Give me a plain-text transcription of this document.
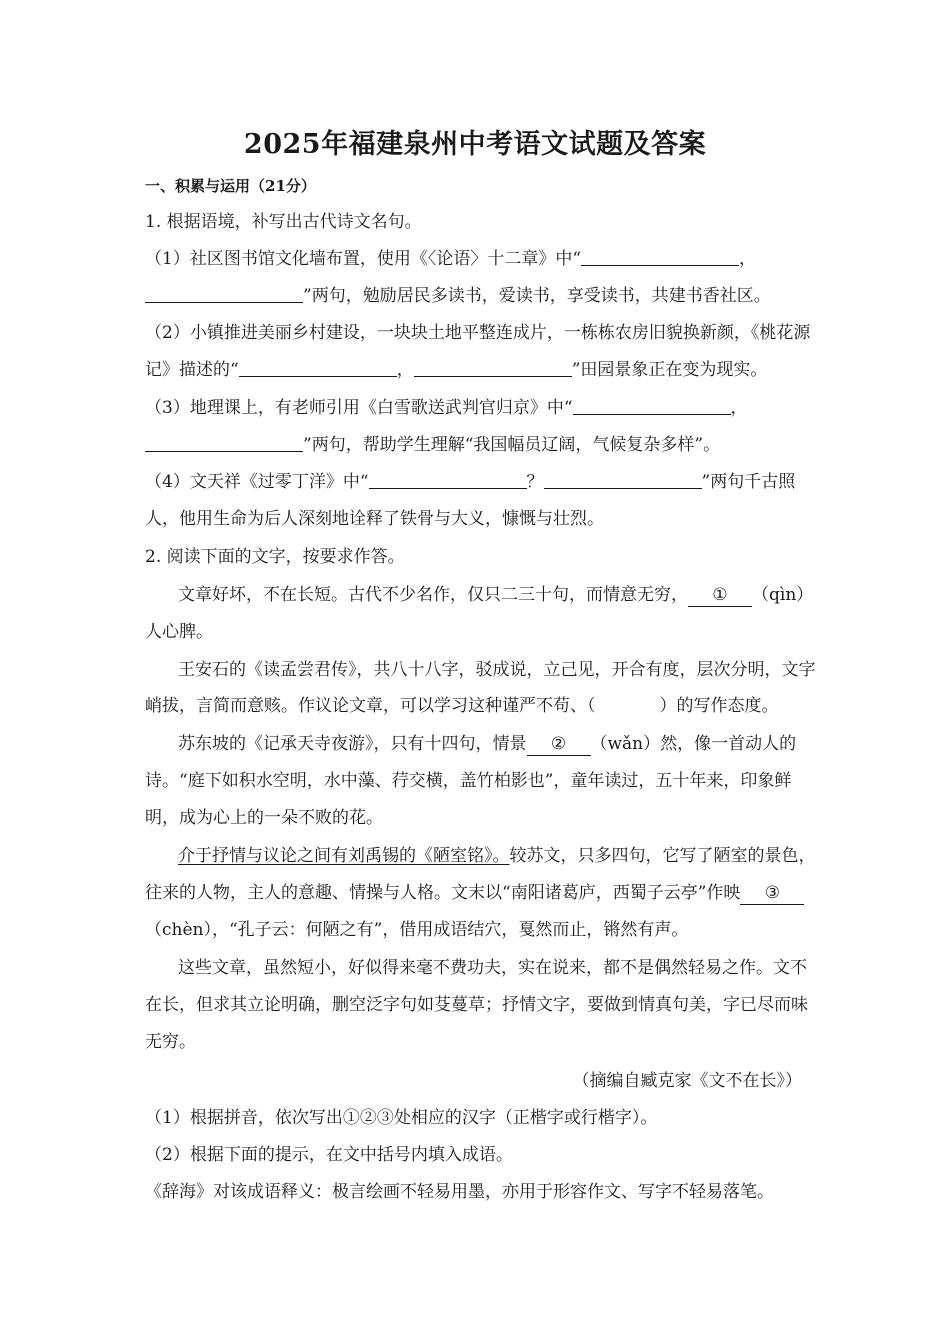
2025年福建泉州中考语文试题及答案
一、积累与运用（21分）
1. 根据语境，补写出古代诗文名句。
（1）社区图书馆文化墙布置，使用《〈论语〉十二章》中“	，
”两句，勉励居民多读书，爱读书，享受读书，共建书香社区。
（2）小镇推进美丽乡村建设，一块块土地平整连成片，一栋栋农房旧貌换新颜，《桃花源
记》描述的“	，	”田园景象正在变为现实。
（3）地理课上，有老师引用《白雪歌送武判官归京》中“	，
”两句，帮助学生理解“我国幅员辽阔，气候复杂多样”。
（4）文天祥《过零丁洋》中“	？	”两句千古照
人，他用生命为后人深刻地诠释了铁骨与大义，慷慨与壮烈。
2. 阅读下面的文字，按要求作答。
文章好坏，不在长短。古代不少名作，仅只二三十句，而情意无穷， ① （qìn）
人心脾。
王安石的《读孟尝君传》，共八十八字，驳成说，立己见，开合有度，层次分明，文字
峭拔，言简而意赅。作议论文章，可以学习这种谨严不苟、（	）的写作态度。
苏东坡的《记承天寺夜游》，只有十四句，情景 ② （wǎn）然，像一首动人的
诗。“庭下如积水空明，水中藻、荇交横，盖竹柏影也”，童年读过，五十年来，印象鲜
明，成为心上的一朵不败的花。
介于抒情与议论之间有刘禹锡的《陋室铭》。较苏文，只多四句，它写了陋室的景色，
往来的人物，主人的意趣、情操与人格。文末以“南阳诸葛庐，西蜀子云亭”作映 ③
（chèn），“孔子云：何陋之有”，借用成语结穴，戛然而止，锵然有声。
这些文章，虽然短小，好似得来毫不费功夫，实在说来，都不是偶然轻易之作。文不
在长，但求其立论明确，删空泛字句如芟蔓草；抒情文字，要做到情真句美，字已尽而味
无穷。
（摘编自臧克家《文不在长》）
（1）根据拼音，依次写出①②③处相应的汉字（正楷字或行楷字）。
（2）根据下面的提示，在文中括号内填入成语。
《辞海》对该成语释义：极言绘画不轻易用墨，亦用于形容作文、写字不轻易落笔。
